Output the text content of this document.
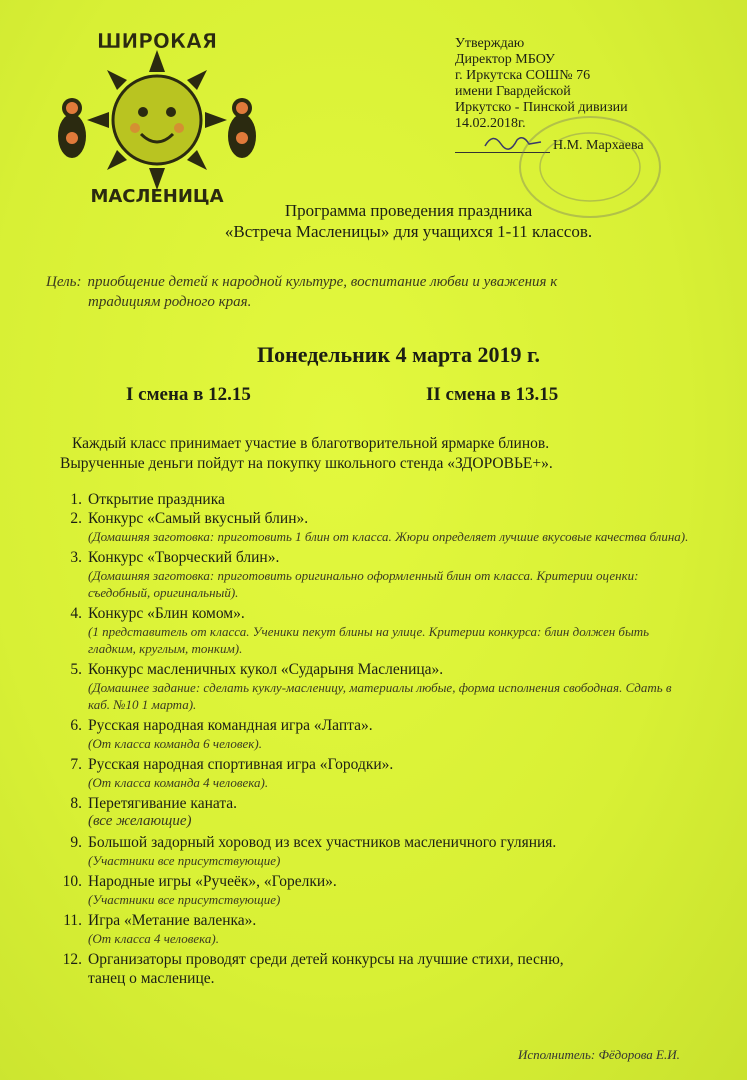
ШИРОКАЯ
МАСЛЕНИЦА
Утверждаю
Директор МБОУ
г. Иркутска СОШ№ 76
имени Гвардейской
Иркутско - Пинской дивизии
14.02.2018г.
Н.М. Мархаева
Программа проведения праздника
«Встреча Масленицы» для учащихся 1-11 классов.
Цель: приобщение детей к народной культуре, воспитание любви и уважения к
традициям родного края.
Понедельник 4 марта 2019 г.
I смена в 12.15	II смена в 13.15
Каждый класс принимает участие в благотворительной ярмарке блинов.
Вырученные деньги пойдут на покупку школьного стенда «ЗДОРОВЬЕ+».
1. Открытие праздника
2. Конкурс «Самый вкусный блин».
(Домашняя заготовка: приготовить 1 блин от класса. Жюри определяет лучшие вкусовые качества блина).
3. Конкурс «Творческий блин».
(Домашняя заготовка: приготовить оригинально оформленный блин от класса. Критерии оценки: съедобный, оригинальный).
4. Конкурс «Блин комом».
(1 представитель от класса. Ученики пекут блины на улице. Критерии конкурса: блин должен быть гладким, круглым, тонким).
5. Конкурс масленичных кукол «Сударыня Масленица».
(Домашнее задание: сделать куклу-масленицу, материалы любые, форма исполнения свободная. Сдать в каб. №10 1 марта).
6. Русская народная командная игра «Лапта».
(От класса команда 6 человек).
7. Русская народная спортивная игра «Городки».
(От класса команда 4 человека).
8. Перетягивание каната.
(все желающие)
9. Большой задорный хоровод из всех участников масленичного гуляния.
(Участники все присутствующие)
10. Народные игры «Ручеёк», «Горелки».
(Участники все присутствующие)
11. Игра «Метание валенка».
(От класса 4 человека).
12. Организаторы проводят среди детей конкурсы на лучшие стихи, песню,
танец о масленице.
Исполнитель: Фёдорова Е.И.
